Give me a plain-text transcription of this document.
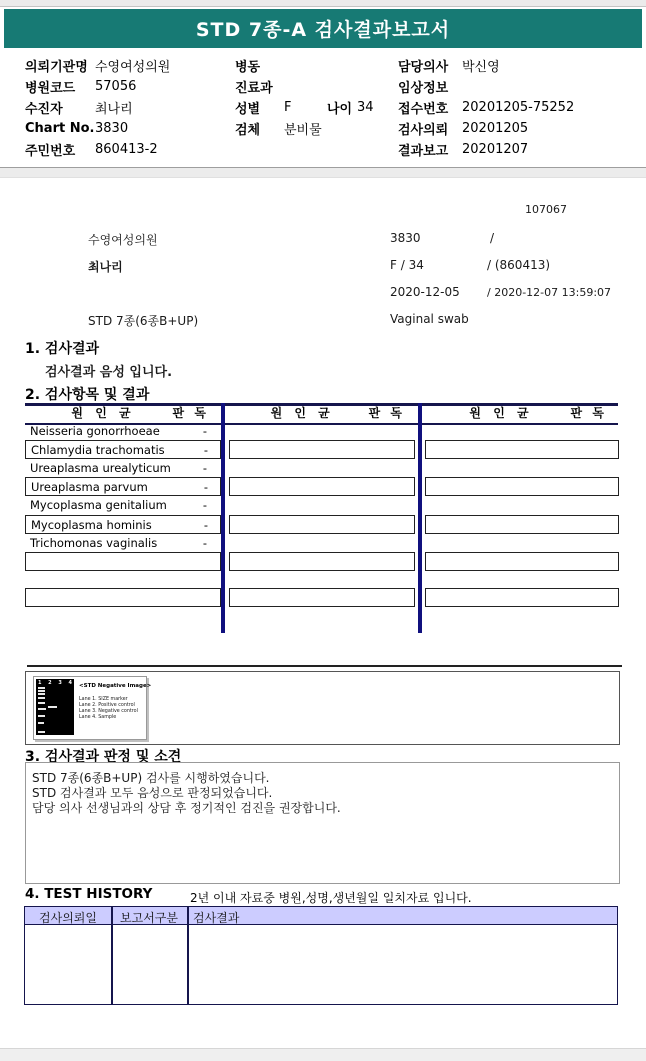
STD 7종-A 검사결과보고서
의뢰기관명 수영여성의원
병원코드	57056
수진자	최나리
Chart No. 3830
주민번호	860413-2
병동
진료과
성별	F	나이 34
검체	분비물
담당의사	박신영
임상정보
접수번호	20201205-75252
검사의뢰	20201205
결과보고	20201207
107067
수영여성의원	3830	/
최나리	F / 34	/ (860413)
2020-12-05 / 2020-12-07 13:59:07
STD 7종(6종B+UP)	Vaginal swab
1. 검사결과
검사결과 음성 입니다.
2. 검사항목 및 결과
원 인 균	판 독	원 인 균	판 독	원 인 균	판 독
Neisseria gonorrhoeae	-
Chlamydia trachomatis	-
Ureaplasma urealyticum	-
Ureaplasma parvum	-
Mycoplasma genitalium	-
Mycoplasma hominis	-
Trichomonas vaginalis	-
1 2 3 4 <STD Negative Image>
Lane 1. SIZE marker
Lane 2. Positive control
Lane 3. Negative control
Lane 4. Sample
3. 검사결과 판정 및 소견
STD 7종(6종B+UP) 검사를 시행하였습니다.
STD 검사결과 모두 음성으로 판정되었습니다.
담당 의사 선생님과의 상담 후 정기적인 검진을 권장합니다.
4. TEST HISTORY	2년 이내 자료중 병원,성명,생년월일 일치자료 입니다.
검사의뢰일	보고서구분	검사결과
